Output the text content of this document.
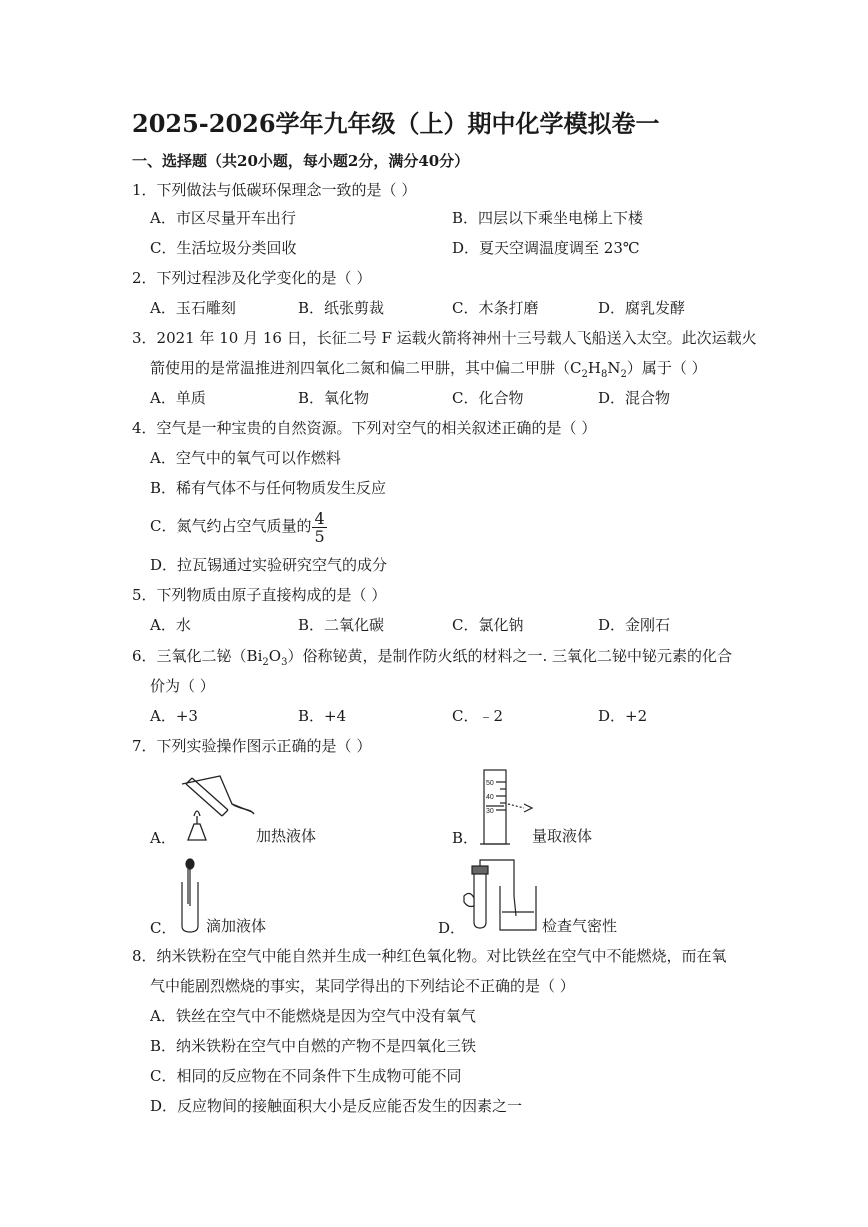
2025-2026学年九年级（上）期中化学模拟卷一
一、选择题（共20小题，每小题2分，满分40分）
1．下列做法与低碳环保理念一致的是（ ）
A．市区尽量开车出行	B．四层以下乘坐电梯上下楼
C．生活垃圾分类回收	D．夏天空调温度调至 23℃
2．下列过程涉及化学变化的是（ ）
A．玉石雕刻	B．纸张剪裁	C．木条打磨	D．腐乳发酵
3．2021 年 10 月 16 日，长征二号 F 运载火箭将神州十三号载人飞船送入太空。此次运载火
箭使用的是常温推进剂四氧化二氮和偏二甲肼，其中偏二甲肼$(C_2H_8N_2)$属于（ ）
A．单质	B．氧化物	C．化合物	D．混合物
4．空气是一种宝贵的自然资源。下列对空气的相关叙述正确的是（ ）
A．空气中的氧气可以作燃料
B．稀有气体不与任何物质发生反应
C．氮气约占空气质量的 $\frac{4}{5}$
D．拉瓦锡通过实验研究空气的成分
5．下列物质由原子直接构成的是（ ）
A．水	B．二氧化碳	C．氯化钠	D．金刚石
6．三氧化二铋$(Bi_2O_3)$俗称铋黄，是制作防火纸的材料之一. 三氧化二铋中铋元素的化合
价为（ ）
A．+3	B．+4	C．﹣2	D．+2
7．下列实验操作图示正确的是（ ）
A．	加热液体
50
40
30
B．	量取液体
C． 滴加液体	D．	检查气密性
8．纳米铁粉在空气中能自然并生成一种红色氧化物。对比铁丝在空气中不能燃烧，而在氧
气中能剧烈燃烧的事实，某同学得出的下列结论不正确的是（ ）
A．铁丝在空气中不能燃烧是因为空气中没有氧气
B．纳米铁粉在空气中自燃的产物不是四氧化三铁
C．相同的反应物在不同条件下生成物可能不同
D．反应物间的接触面积大小是反应能否发生的因素之一
